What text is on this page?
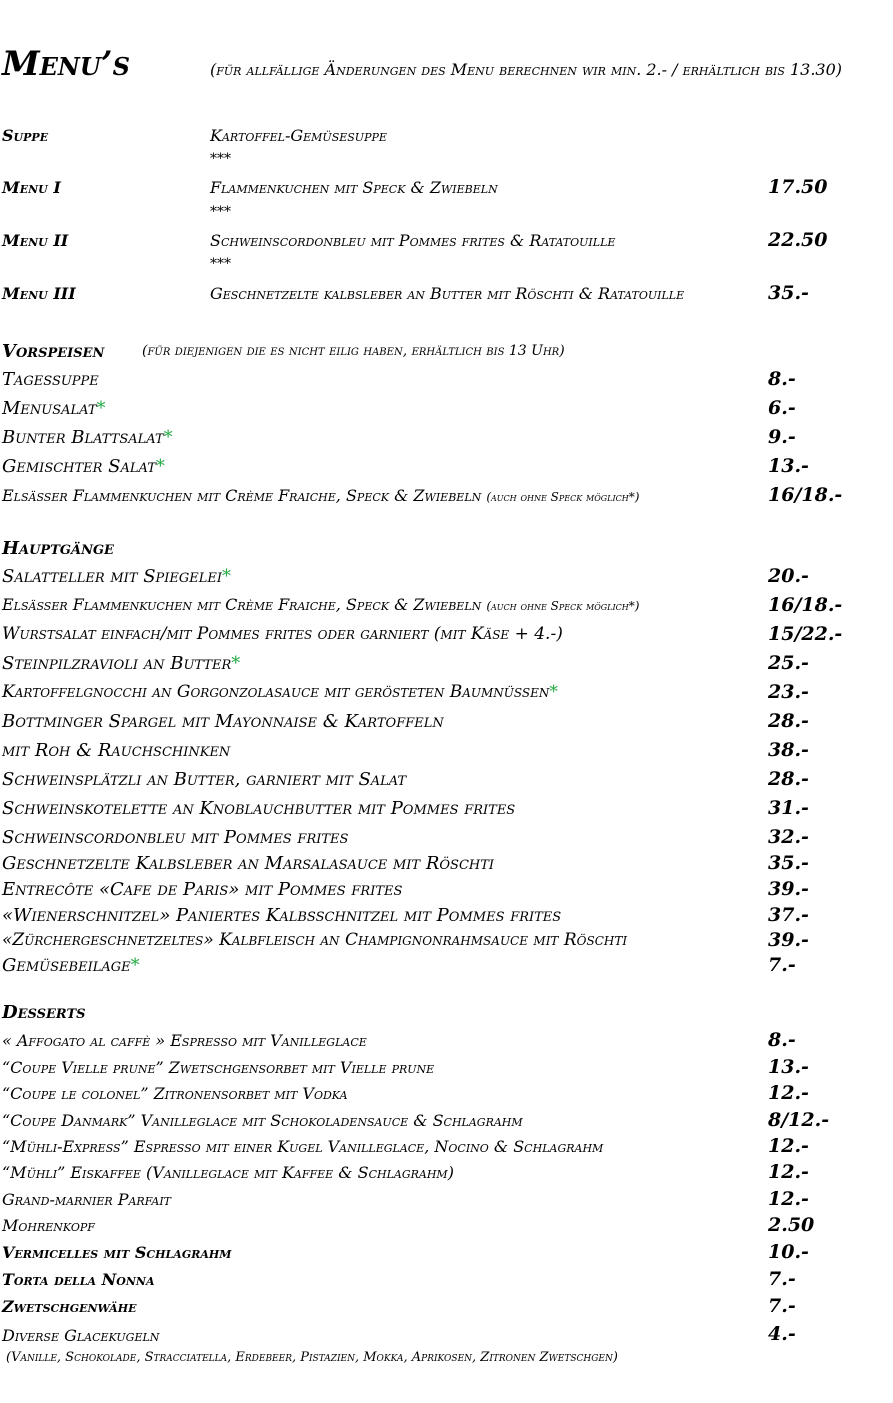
Menu’s	(für allfällige Änderungen des Menu berechnen wir min. 2.- / erhältlich bis 13.30)
Suppe	Kartoffel-Gemüsesuppe
***
Menu I	Flammenkuchen mit Speck & Zwiebeln	17.50
***
Menu II	Schweinscordonbleu mit Pommes frites & Ratatouille	22.50
***
Menu III	Geschnetzelte kalbsleber an Butter mit Röschti & Ratatouille	35.-
Vorspeisen	(für diejenigen die es nicht eilig haben, erhältlich bis 13 Uhr)
Tagessuppe	8.-
Menusalat*	6.-
Bunter Blattsalat*	9.-
Gemischter Salat*	13.-
Elsässer Flammenkuchen mit Crème Fraiche, Speck & Zwiebeln (auch ohne Speck möglich*)	16/18.-
Hauptgänge
Salatteller mit Spiegelei*	20.-
Elsässer Flammenkuchen mit Crème Fraiche, Speck & Zwiebeln (auch ohne Speck möglich*)	16/18.-
Wurstsalat einfach/mit Pommes frites oder garniert (mit Käse + 4.-)	15/22.-
Steinpilzravioli an Butter*	25.-
Kartoffelgnocchi an Gorgonzolasauce mit gerösteten Baumnüssen*	23.-
Bottminger Spargel mit Mayonnaise & Kartoffeln	28.-
mit Roh & Rauchschinken	38.-
Schweinsplätzli an Butter, garniert mit Salat	28.-
Schweinskotelette an Knoblauchbutter mit Pommes frites	31.-
Schweinscordonbleu mit Pommes frites	32.-
Geschnetzelte Kalbsleber an Marsalasauce mit Röschti	35.-
Entrecôte «Cafe de Paris» mit Pommes frites	39.-
«Wienerschnitzel» Paniertes Kalbsschnitzel mit Pommes frites	37.-
«Zürchergeschnetzeltes» Kalbfleisch an Champignonrahmsauce mit Röschti	39.-
Gemüsebeilage*	7.-
Desserts
« Affogato al caffè » Espresso mit Vanilleglace	8.-
“Coupe Vielle prune” Zwetschgensorbet mit Vielle prune	13.-
“Coupe le colonel” Zitronensorbet mit Vodka	12.-
“Coupe Danmark” Vanilleglace mit Schokoladensauce & Schlagrahm	8/12.-
“Mühli-Express” Espresso mit einer Kugel Vanilleglace, Nocino & Schlagrahm	12.-
“Mühli” Eiskaffee (Vanilleglace mit Kaffee & Schlagrahm)	12.-
Grand-marnier Parfait	12.-
Mohrenkopf	2.50
Vermicelles mit Schlagrahm	10.-
Torta della Nonna	7.-
Zwetschgenwähe	7.-
Diverse Glacekugeln	4.-
(Vanille, Schokolade, Stracciatella, Erdebeer, Pistazien, Mokka, Aprikosen, Zitronen Zwetschgen)
